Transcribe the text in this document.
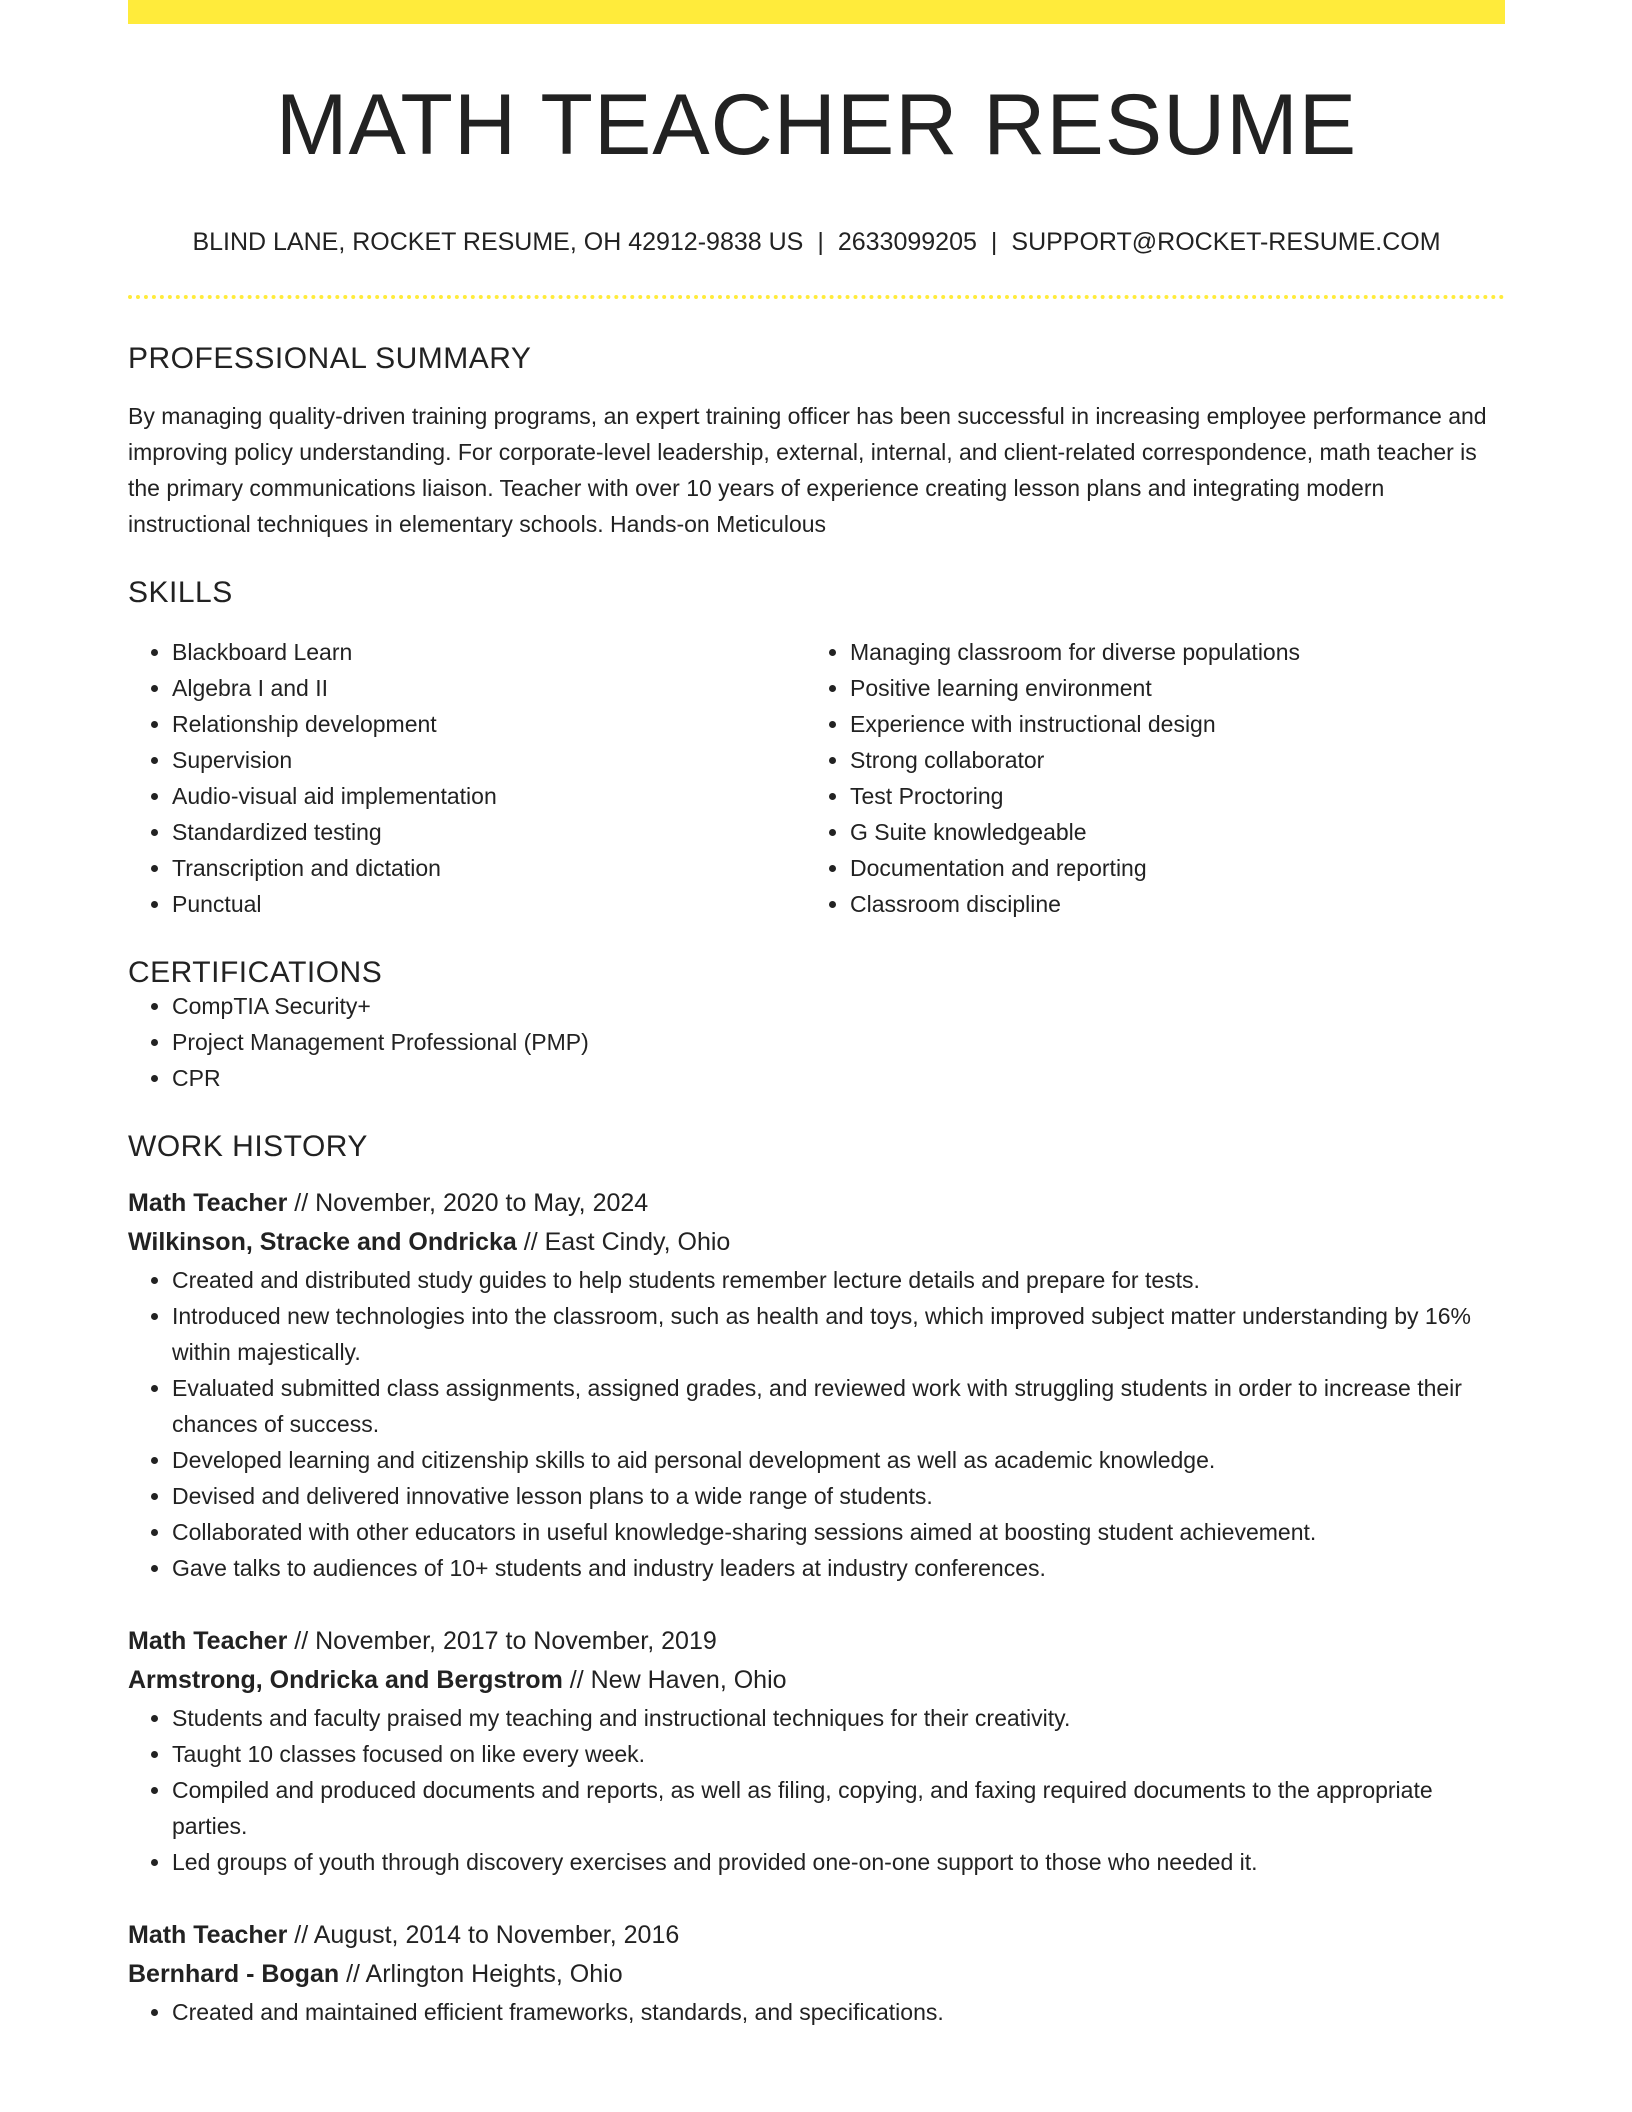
MATH TEACHER RESUME
BLIND LANE, ROCKET RESUME, OH 42912-9838 US | 2633099205 | SUPPORT@ROCKET-RESUME.COM
PROFESSIONAL SUMMARY
By managing quality-driven training programs, an expert training officer has been successful in increasing employee performance and improving policy understanding. For corporate-level leadership, external, internal, and client-related correspondence, math teacher is the primary communications liaison. Teacher with over 10 years of experience creating lesson plans and integrating modern instructional techniques in elementary schools. Hands-on Meticulous
SKILLS
• Blackboard Learn
• Algebra I and II
• Relationship development
• Supervision
• Audio-visual aid implementation
• Standardized testing
• Transcription and dictation
• Punctual
• Managing classroom for diverse populations
• Positive learning environment
• Experience with instructional design
• Strong collaborator
• Test Proctoring
• G Suite knowledgeable
• Documentation and reporting
• Classroom discipline
CERTIFICATIONS
• CompTIA Security+
• Project Management Professional (PMP)
• CPR
WORK HISTORY
Math Teacher // November, 2020 to May, 2024
Wilkinson, Stracke and Ondricka // East Cindy, Ohio
• Created and distributed study guides to help students remember lecture details and prepare for tests.
• Introduced new technologies into the classroom, such as health and toys, which improved subject matter understanding by 16% within majestically.
• Evaluated submitted class assignments, assigned grades, and reviewed work with struggling students in order to increase their chances of success.
• Developed learning and citizenship skills to aid personal development as well as academic knowledge.
• Devised and delivered innovative lesson plans to a wide range of students.
• Collaborated with other educators in useful knowledge-sharing sessions aimed at boosting student achievement.
• Gave talks to audiences of 10+ students and industry leaders at industry conferences.
Math Teacher // November, 2017 to November, 2019
Armstrong, Ondricka and Bergstrom // New Haven, Ohio
• Students and faculty praised my teaching and instructional techniques for their creativity.
• Taught 10 classes focused on like every week.
• Compiled and produced documents and reports, as well as filing, copying, and faxing required documents to the appropriate parties.
• Led groups of youth through discovery exercises and provided one-on-one support to those who needed it.
Math Teacher // August, 2014 to November, 2016
Bernhard - Bogan // Arlington Heights, Ohio
• Created and maintained efficient frameworks, standards, and specifications.
